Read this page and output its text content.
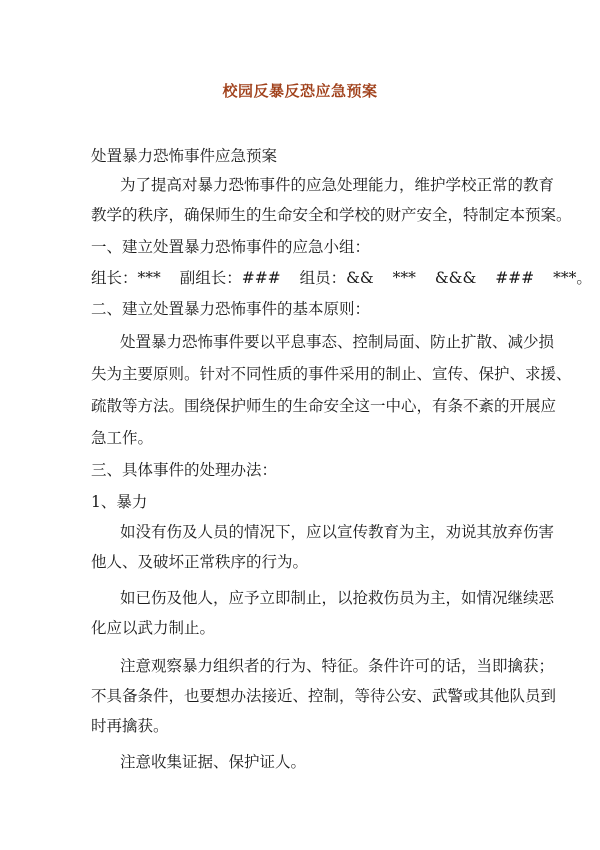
校园反暴反恐应急预案
处置暴力恐怖事件应急预案
为了提高对暴力恐怖事件的应急处理能力，维护学校正常的教育
教学的秩序，确保师生的生命安全和学校的财产安全，特制定本预案。
一、建立处置暴力恐怖事件的应急小组：
组长：*** 副组长：### 组员：&& *** &&& ### ***。
二、建立处置暴力恐怖事件的基本原则：
处置暴力恐怖事件要以平息事态、控制局面、防止扩散、减少损
失为主要原则。针对不同性质的事件采用的制止、宣传、保护、求援、
疏散等方法。围绕保护师生的生命安全这一中心，有条不紊的开展应
急工作。
三、具体事件的处理办法：
1、暴力
如没有伤及人员的情况下，应以宣传教育为主，劝说其放弃伤害
他人、及破坏正常秩序的行为。
如已伤及他人，应予立即制止，以抢救伤员为主，如情况继续恶
化应以武力制止。
注意观察暴力组织者的行为、特征。条件许可的话，当即擒获；
不具备条件，也要想办法接近、控制，等待公安、武警或其他队员到
时再擒获。
注意收集证据、保护证人。
